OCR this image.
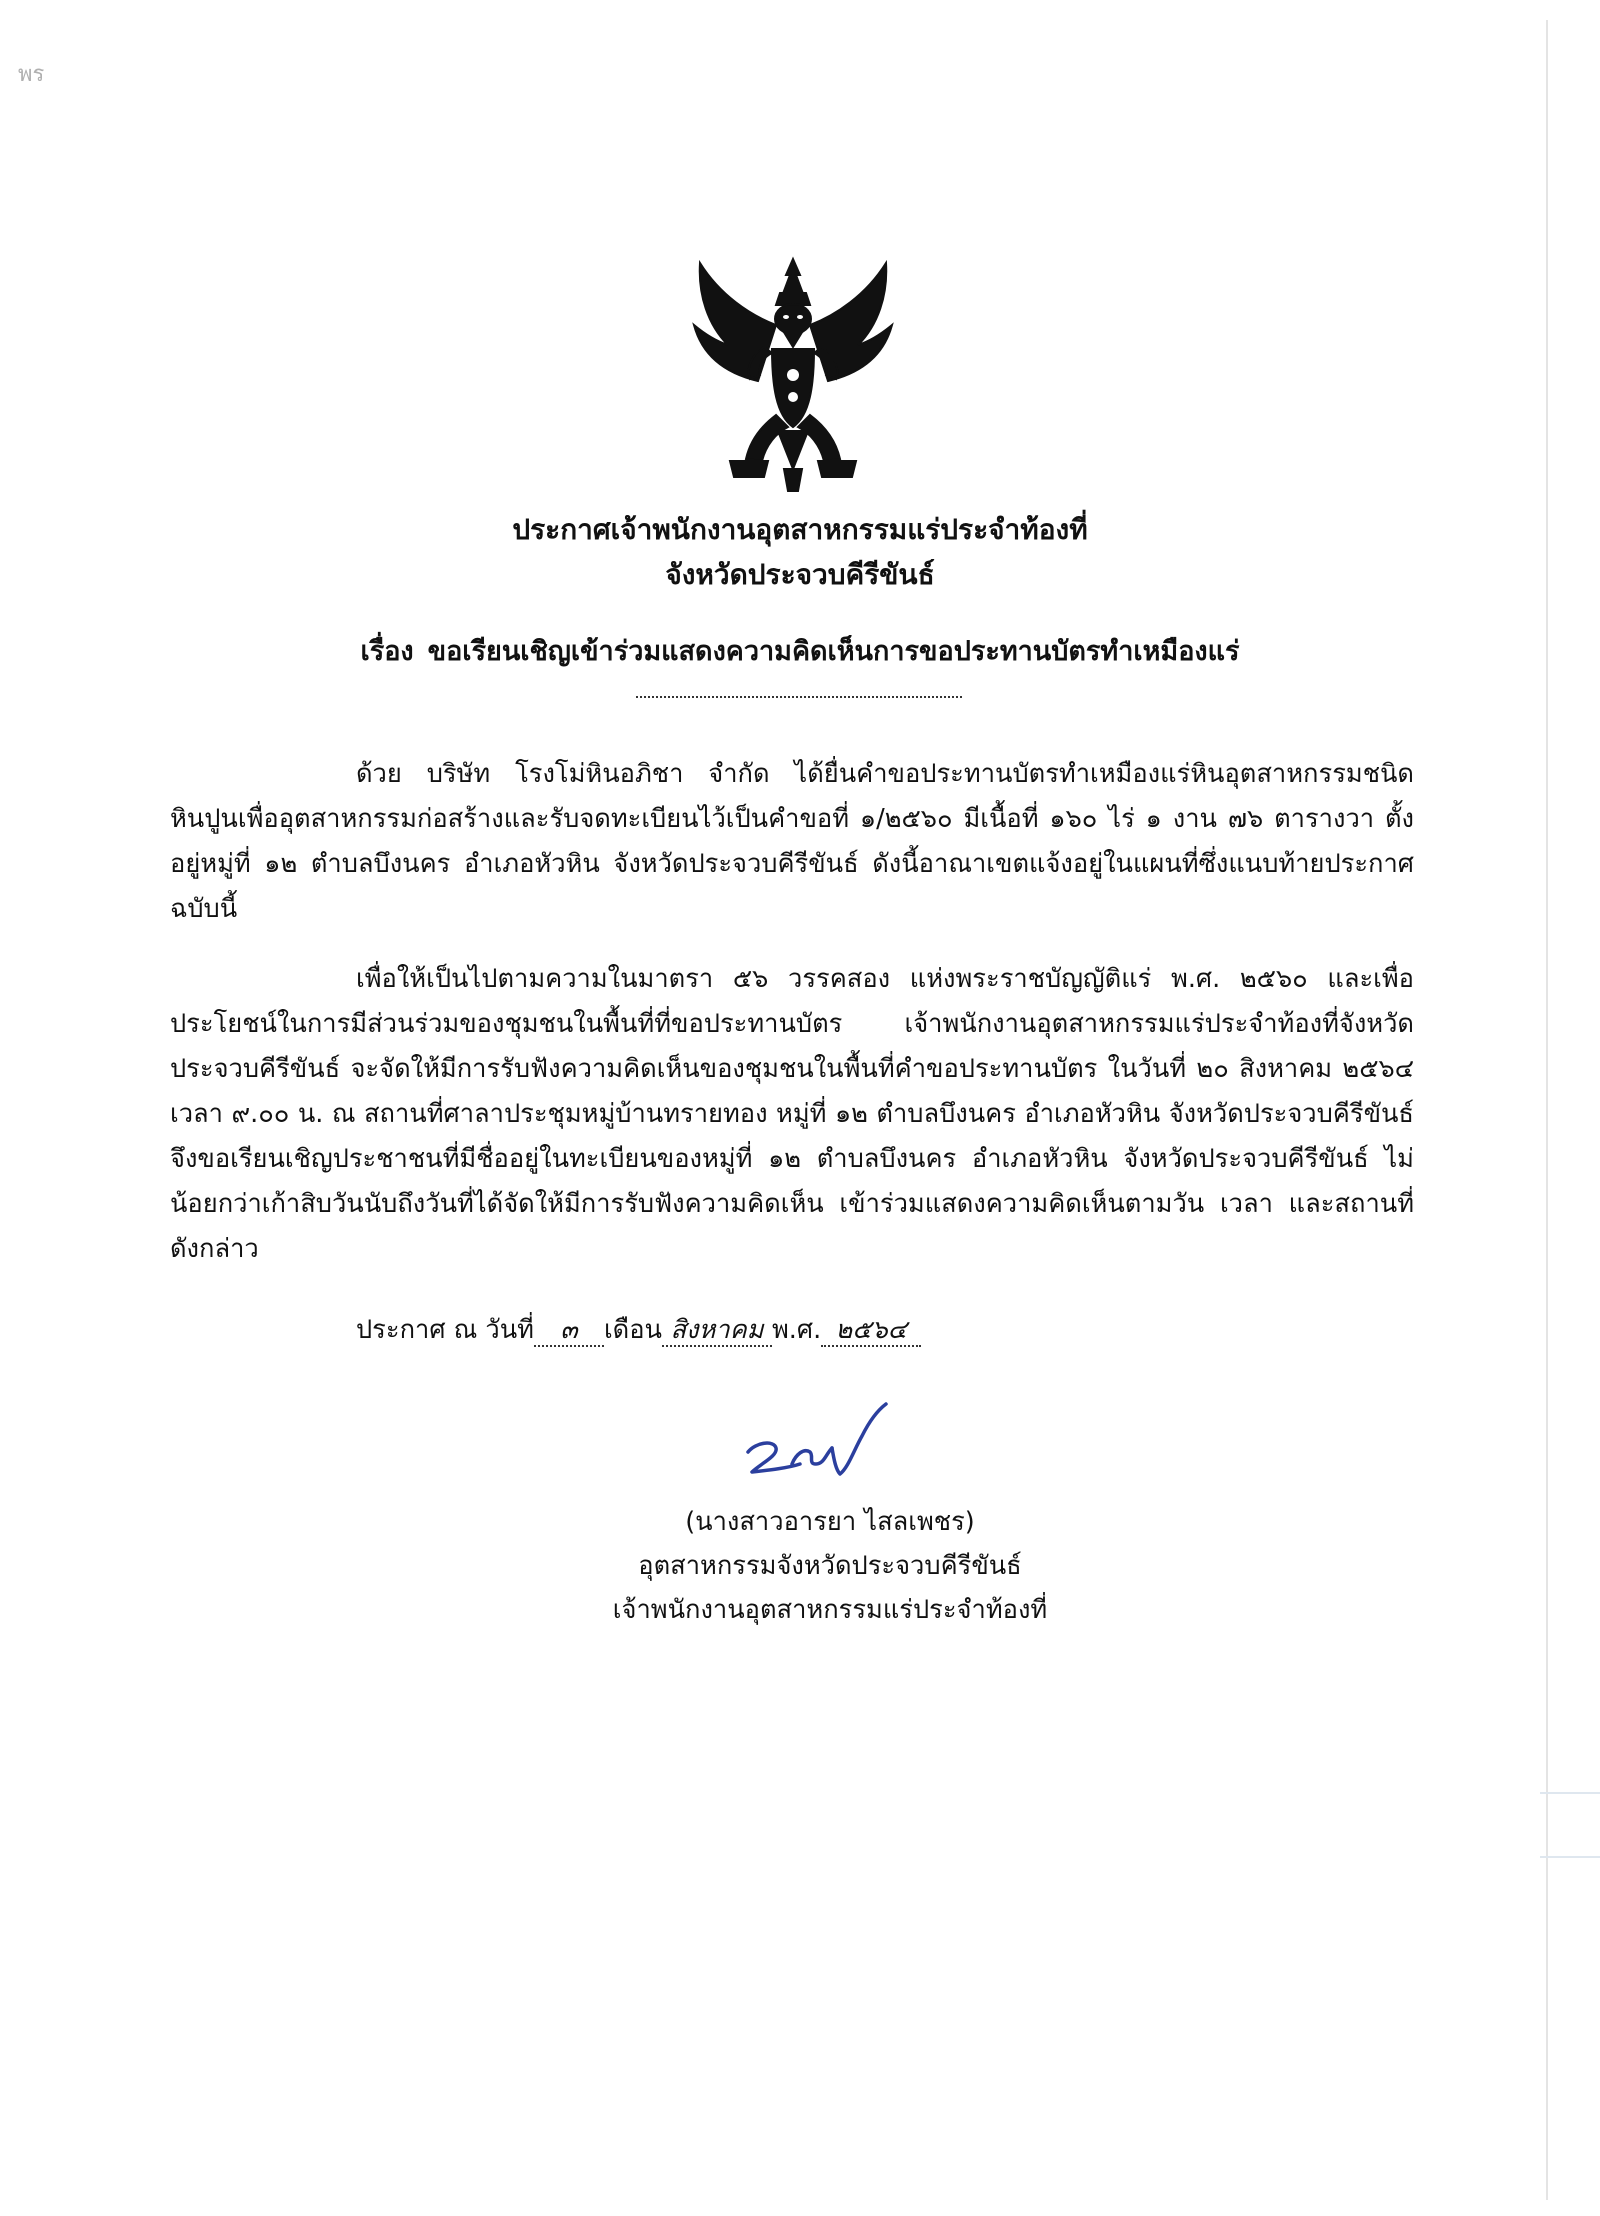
พร
ประกาศเจ้าพนักงานอุตสาหกรรมแร่ประจำท้องที่
จังหวัดประจวบคีรีขันธ์
เรื่อง ขอเรียนเชิญเข้าร่วมแสดงความคิดเห็นการขอประทานบัตรทำเหมืองแร่
ด้วย บริษัท โรงโม่หินอภิชา จำกัด ได้ยื่นคำขอประทานบัตรทำเหมืองแร่หินอุตสาหกรรมชนิดหินปูนเพื่ออุตสาหกรรมก่อสร้างและรับจดทะเบียนไว้เป็นคำขอที่ ๑/๒๕๖๐ มีเนื้อที่ ๑๖๐ ไร่ ๑ งาน ๗๖ ตารางวา ตั้งอยู่หมู่ที่ ๑๒ ตำบลบึงนคร อำเภอหัวหิน จังหวัดประจวบคีรีขันธ์ ดังนี้อาณาเขตแจ้งอยู่ในแผนที่ซึ่งแนบท้ายประกาศฉบับนี้
เพื่อให้เป็นไปตามความในมาตรา ๕๖ วรรคสอง แห่งพระราชบัญญัติแร่ พ.ศ. ๒๕๖๐ และเพื่อประโยชน์ในการมีส่วนร่วมของชุมชนในพื้นที่ที่ขอประทานบัตร เจ้าพนักงานอุตสาหกรรมแร่ประจำท้องที่จังหวัดประจวบคีรีขันธ์ จะจัดให้มีการรับฟังความคิดเห็นของชุมชนในพื้นที่คำขอประทานบัตร ในวันที่ ๒๐ สิงหาคม ๒๕๖๔ เวลา ๙.๐๐ น. ณ สถานที่ศาลาประชุมหมู่บ้านทรายทอง หมู่ที่ ๑๒ ตำบลบึงนคร อำเภอหัวหิน จังหวัดประจวบคีรีขันธ์ จึงขอเรียนเชิญประชาชนที่มีชื่ออยู่ในทะเบียนของหมู่ที่ ๑๒ ตำบลบึงนคร อำเภอหัวหิน จังหวัดประจวบคีรีขันธ์ ไม่น้อยกว่าเก้าสิบวันนับถึงวันที่ได้จัดให้มีการรับฟังความคิดเห็น เข้าร่วมแสดงความคิดเห็นตามวัน เวลา และสถานที่ดังกล่าว
ประกาศ ณ วันที่ ๓ เดือน สิงหาคม พ.ศ. ๒๕๖๔
(นางสาวอารยา ไสลเพชร)
อุตสาหกรรมจังหวัดประจวบคีรีขันธ์
เจ้าพนักงานอุตสาหกรรมแร่ประจำท้องที่
